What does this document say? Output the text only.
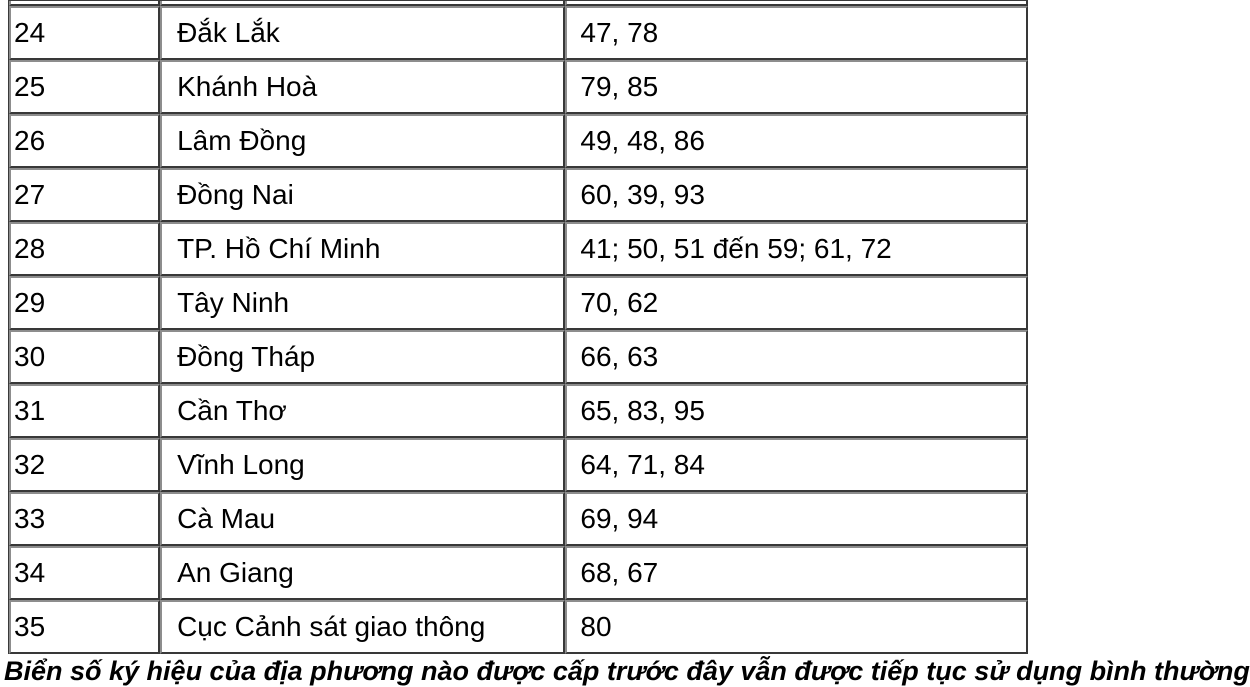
24	Đắk Lắk	47, 78
25	Khánh Hoà	79, 85
26	Lâm Đồng	49, 48, 86
27	Đồng Nai	60, 39, 93
28	TP. Hồ Chí Minh	41; 50, 51 đến 59; 61, 72
29	Tây Ninh	70, 62
30	Đồng Tháp	66, 63
31	Cần Thơ	65, 83, 95
32	Vĩnh Long	64, 71, 84
33	Cà Mau	69, 94
34	An Giang	68, 67
35	Cục Cảnh sát giao thông	80
Biển số ký hiệu của địa phương nào được cấp trước đây vẫn được tiếp tục sử dụng bình thường
